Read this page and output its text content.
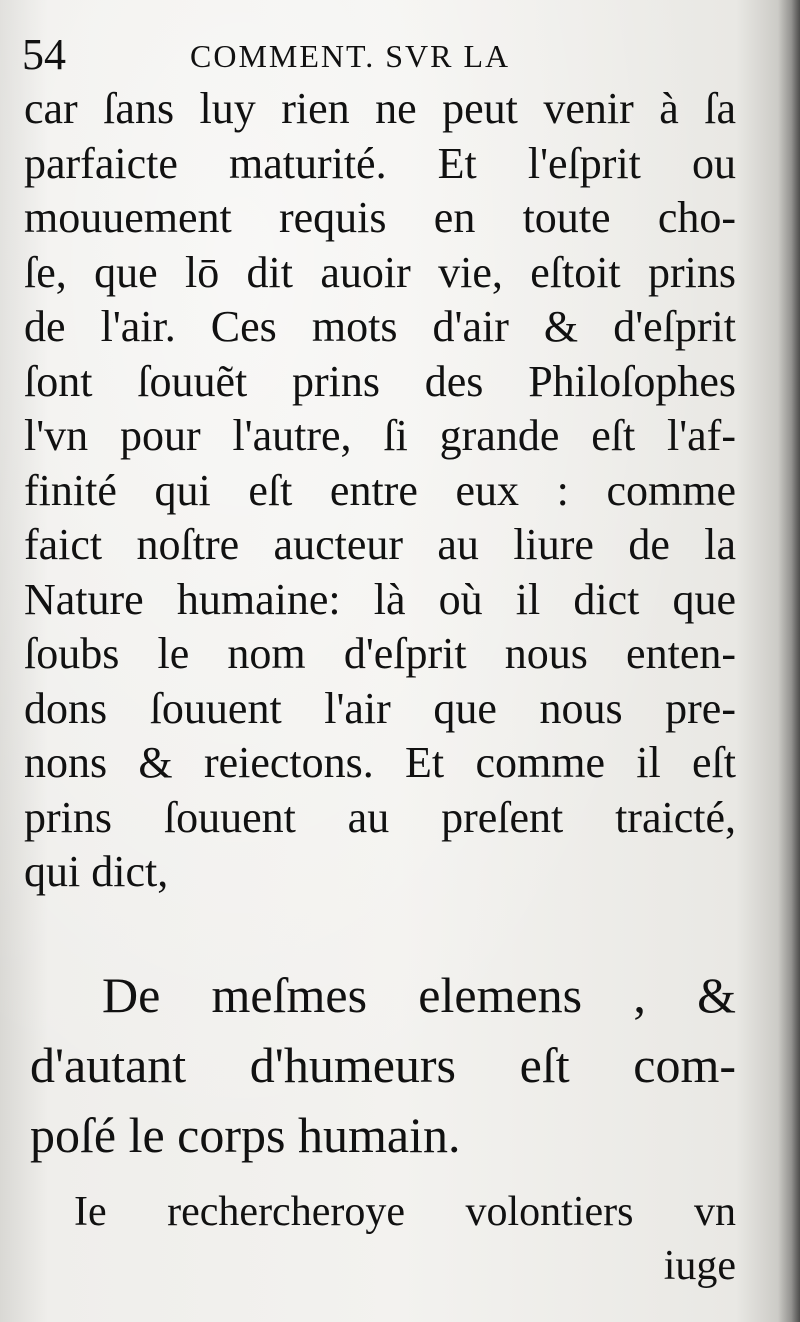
54	COMMENT. SVR LA
car ſans luy rien ne peut venir à ſa
parfaicte maturité. Et l'eſprit ou
mouuement requis en toute cho-
ſe, que lō dit auoir vie, eſtoit prins
de l'air. Ces mots d'air & d'eſprit
ſont ſouuẽt prins des Philoſophes
l'vn pour l'autre, ſi grande eſt l'af-
finité qui eſt entre eux : comme
faict noſtre aucteur au liure de la
Nature humaine: là où il dict que
ſoubs le nom d'eſprit nous enten-
dons ſouuent l'air que nous pre-
nons & reiectons. Et comme il eſt
prins ſouuent au preſent traicté,
qui dict,
De meſmes elemens , &
d'autant d'humeurs eſt com-
poſé le corps humain.
Ie rechercheroye volontiers vn
iuge
